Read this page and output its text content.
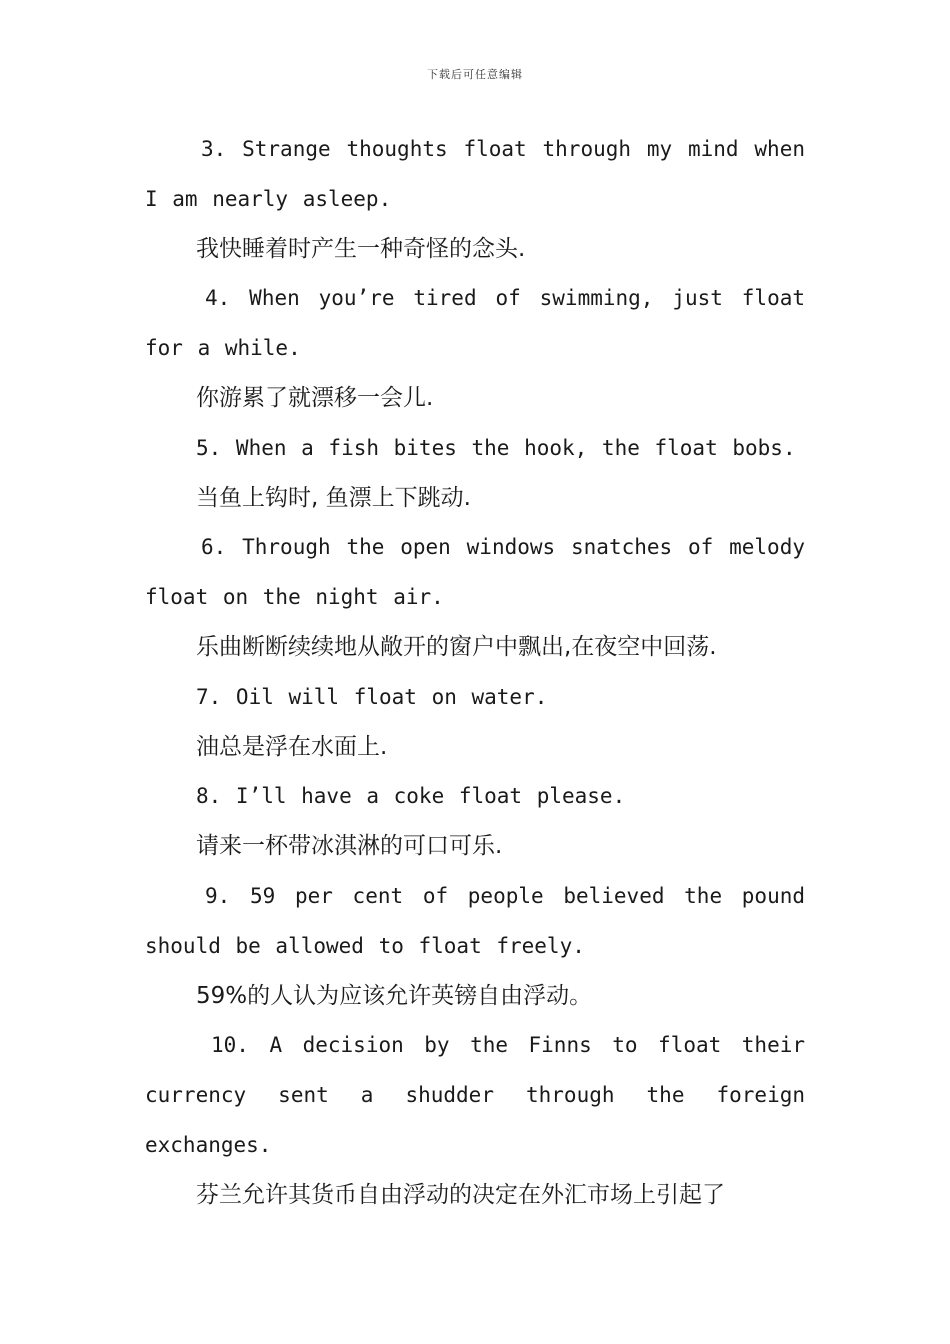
下载后可任意编辑
3. Strange thoughts float through my mind when
I am nearly asleep.
我快睡着时产生一种奇怪的念头.
4. When you’re tired of swimming, just float
for a while.
你游累了就漂移一会儿.
5. When a fish bites the hook, the float bobs.
当鱼上钩时, 鱼漂上下跳动.
6. Through the open windows snatches of melody
float on the night air.
乐曲断断续续地从敞开的窗户中飘出,在夜空中回荡.
7. Oil will float on water.
油总是浮在水面上.
8. I’ll have a coke float please.
请来一杯带冰淇淋的可口可乐.
9. 59 per cent of people believed the pound
should be allowed to float freely.
59%的人认为应该允许英镑自由浮动。
10. A decision by the Finns to float their
currency sent a shudder through the foreign
exchanges.
芬兰允许其货币自由浮动的决定在外汇市场上引起了
